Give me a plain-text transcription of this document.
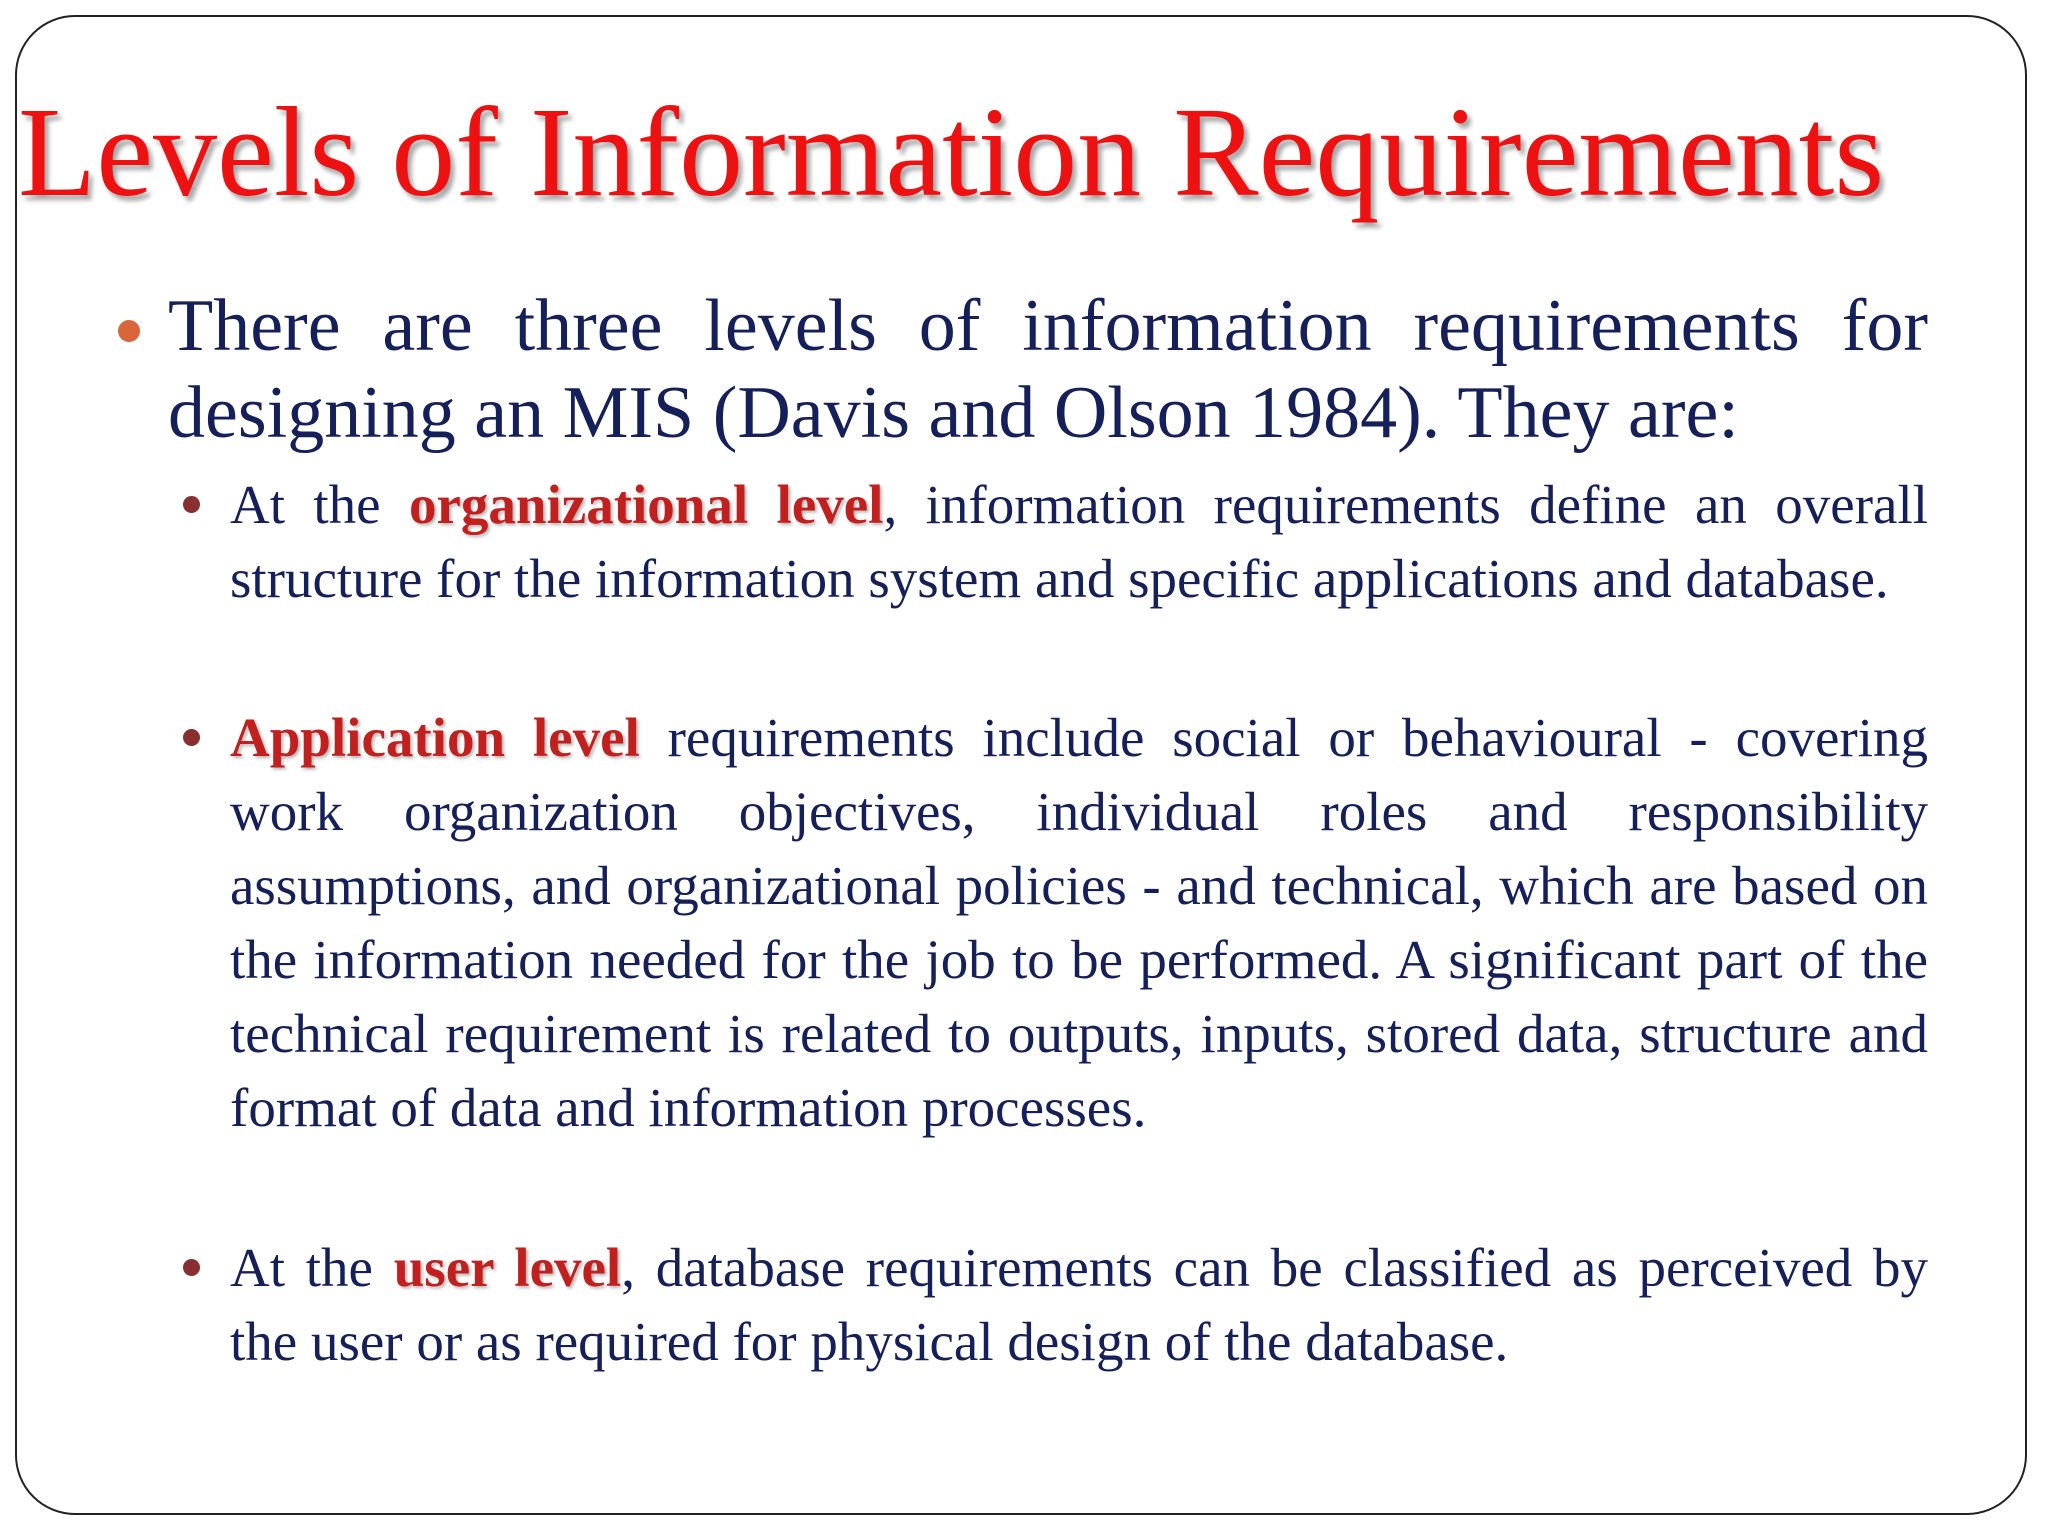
Levels of Information Requirements

There are three levels of information requirements for designing an MIS (Davis and Olson 1984). They are:

At the organizational level, information requirements define an overall structure for the information system and specific applications and database.

Application level requirements include social or behavioural - covering work organization objectives, individual roles and responsibility assumptions, and organizational policies - and technical, which are based on the information needed for the job to be performed. A significant part of the technical requirement is related to outputs, inputs, stored data, structure and format of data and information processes.

At the user level, database requirements can be classified as perceived by the user or as required for physical design of the database.
